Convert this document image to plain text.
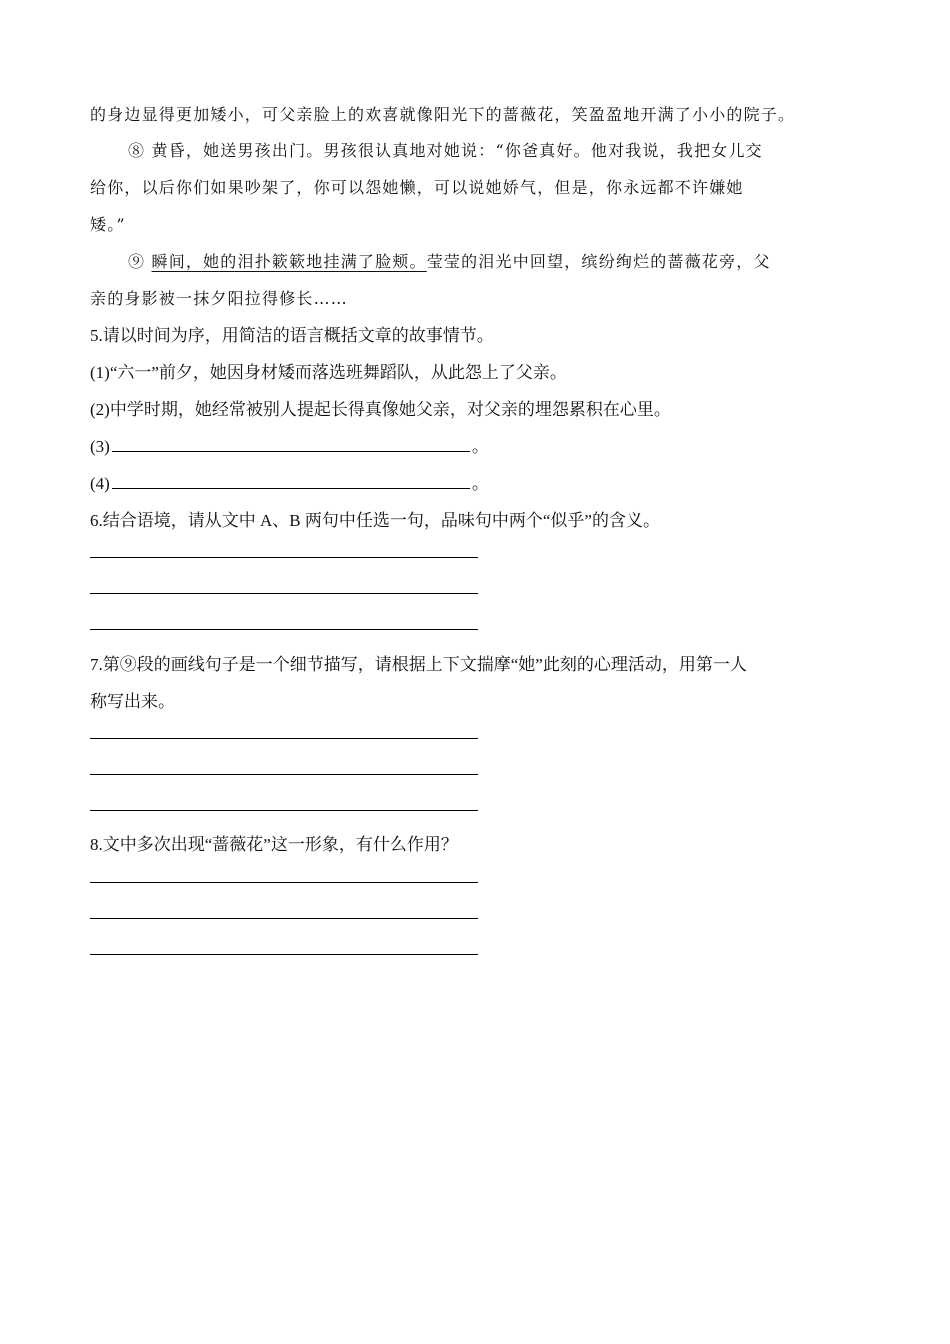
的身边显得更加矮小，可父亲脸上的欢喜就像阳光下的蔷薇花，笑盈盈地开满了小小的院子。
⑧ 黄昏，她送男孩出门。男孩很认真地对她说：“你爸真好。他对我说，我把女儿交
给你，以后你们如果吵架了，你可以怨她懒，可以说她娇气，但是，你永远都不许嫌她
矮。”
⑨ 瞬间，她的泪扑簌簌地挂满了脸颊。莹莹的泪光中回望，缤纷绚烂的蔷薇花旁，父
亲的身影被一抹夕阳拉得修长……
5.请以时间为序，用简洁的语言概括文章的故事情节。
(1)“六一”前夕，她因身材矮而落选班舞蹈队，从此怨上了父亲。
(2)中学时期，她经常被别人提起长得真像她父亲，对父亲的埋怨累积在心里。
(3)	。
(4)	。
6.结合语境，请从文中 A、B 两句中任选一句，品味句中两个“似乎”的含义。
7.第⑨段的画线句子是一个细节描写，请根据上下文揣摩“她”此刻的心理活动，用第一人
称写出来。
8.文中多次出现“蔷薇花”这一形象，有什么作用？
